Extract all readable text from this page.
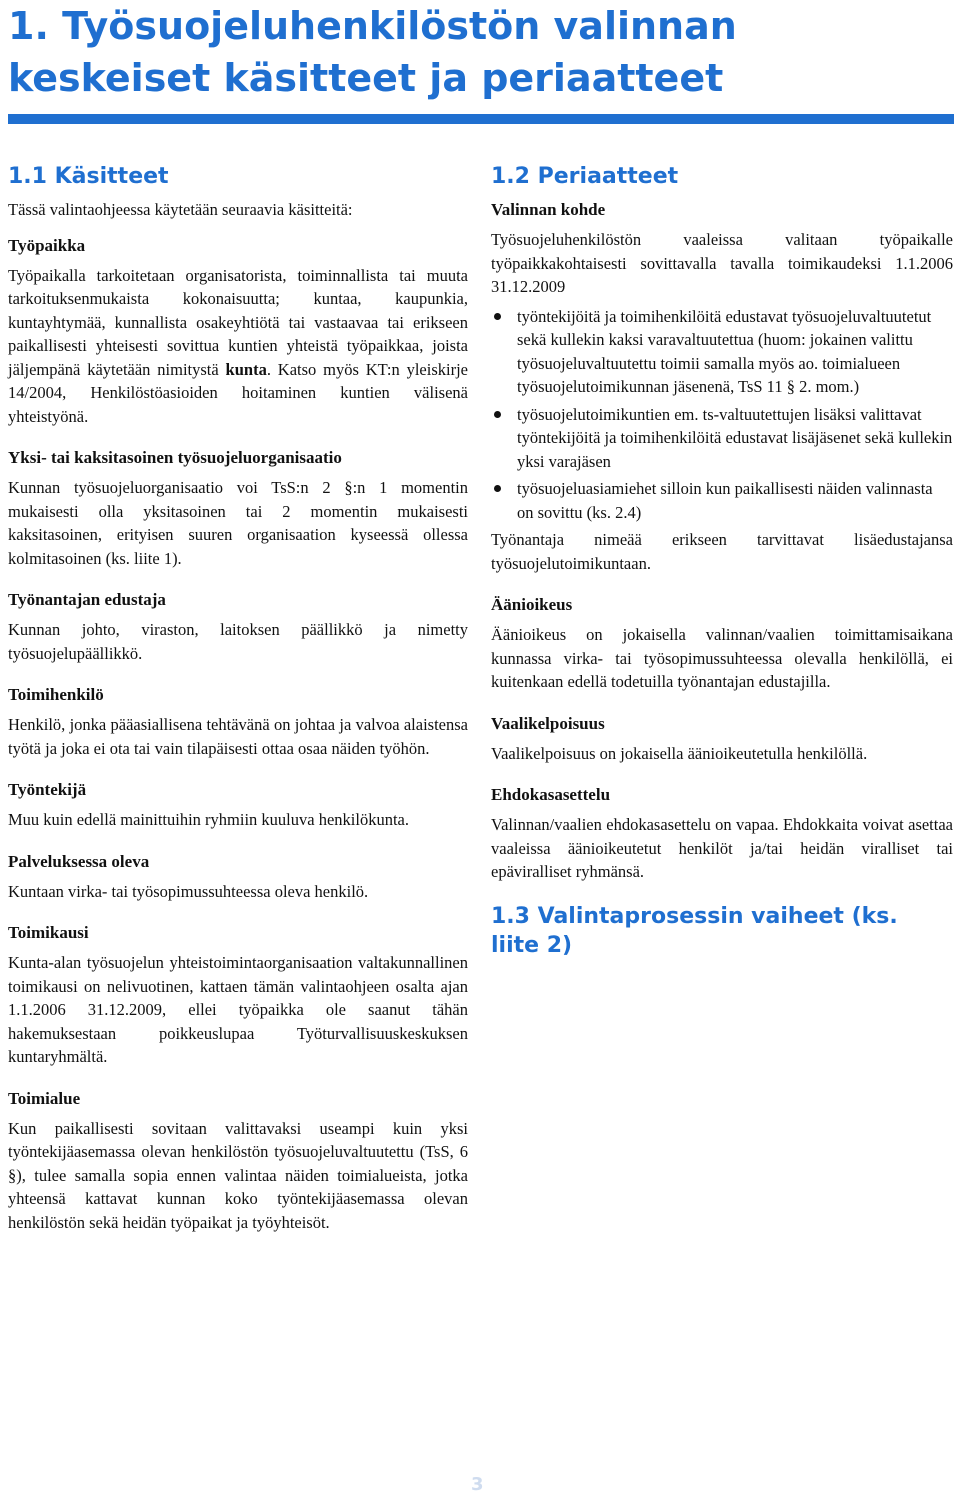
1. Työsuojeluhenkilöstön valinnan keskeiset käsitteet ja periaatteet
1.1 Käsitteet

Tässä valintaohjeessa käytetään seuraavia käsitteitä:

Työpaikka

Työpaikalla tarkoitetaan organisatorista, toiminnallista tai muuta tarkoituksenmukaista kokonaisuutta; kuntaa, kaupunkia, kuntayhtymää, kunnallista osakeyhtiötä tai vastaavaa tai erikseen paikallisesti yhteisesti sovittua kuntien yhteistä työpaikkaa, joista jäljempänä käytetään nimitystä kunta. Katso myös KT:n yleiskirje 14/2004, Henkilöstöasioiden hoitaminen kuntien välisenä yhteistyönä.

Yksi- tai kaksitasoinen työsuojeluorganisaatio

Kunnan työsuojeluorganisaatio voi TsS:n 2 §:n 1 momentin mukaisesti olla yksitasoinen tai 2 momentin mukaisesti kaksitasoinen, erityisen suuren organisaation kyseessä ollessa kolmitasoinen (ks. liite 1).

Työnantajan edustaja

Kunnan johto, viraston, laitoksen päällikkö ja nimetty työsuojelupäällikkö.

Toimihenkilö

Henkilö, jonka pääasiallisena tehtävänä on johtaa ja valvoa alaistensa työtä ja joka ei ota tai vain tilapäisesti ottaa osaa näiden työhön.

Työntekijä

Muu kuin edellä mainittuihin ryhmiin kuuluva henkilökunta.

Palveluksessa oleva

Kuntaan virka- tai työsopimussuhteessa oleva henkilö.

Toimikausi

Kunta-alan työsuojelun yhteistoimintaorganisaation valtakunnallinen toimikausi on nelivuotinen, kattaen tämän valintaohjeen osalta ajan 1.1.2006 31.12.2009, ellei työpaikka ole saanut tähän hakemuksestaan poikkeuslupaa Työturvallisuuskeskuksen kuntaryhmältä.

Toimialue

Kun paikallisesti sovitaan valittavaksi useampi kuin yksi työntekijäasemassa olevan henkilöstön työsuojeluvaltuutettu (TsS, 6 §), tulee samalla sopia ennen valintaa näiden toimialueista, jotka yhteensä kattavat kunnan koko työntekijäasemassa olevan henkilöstön sekä heidän työpaikat ja työyhteisöt.

1.2 Periaatteet
Valinnan kohde

Työsuojeluhenkilöstön vaaleissa valitaan työpaikalle työpaikkakohtaisesti sovittavalla tavalla toimikaudeksi 1.1.2006 31.12.2009

työntekijöitä ja toimihenkilöitä edustavat työsuojeluvaltuutetut sekä kullekin kaksi varavaltuutettua (huom: jokainen valittu työsuojeluvaltuutettu toimii samalla myös ao. toimialueen työsuojelutoimikunnan jäsenenä, TsS 11 § 2. mom.)
työsuojelutoimikuntien em. ts-valtuutettujen lisäksi valittavat työntekijöitä ja toimihenkilöitä edustavat lisäjäsenet sekä kullekin yksi varajäsen
työsuojeluasiamiehet silloin kun paikallisesti näiden valinnasta on sovittu (ks. 2.4)

Työnantaja nimeää erikseen tarvittavat lisäedustajansa työsuojelutoimikuntaan.

Äänioikeus

Äänioikeus on jokaisella valinnan/vaalien toimittamisaikana kunnassa virka- tai työsopimussuhteessa olevalla henkilöllä, ei kuitenkaan edellä todetuilla työnantajan edustajilla.

Vaalikelpoisuus

Vaalikelpoisuus on jokaisella äänioikeutetulla henkilöllä.

Ehdokasasettelu

Valinnan/vaalien ehdokasasettelu on vapaa. Ehdokkaita voivat asettaa vaaleissa äänioikeutetut henkilöt ja/tai heidän viralliset tai epäviralliset ryhmänsä.

1.3 Valintaprosessin vaiheet (ks. liite 2)
3
